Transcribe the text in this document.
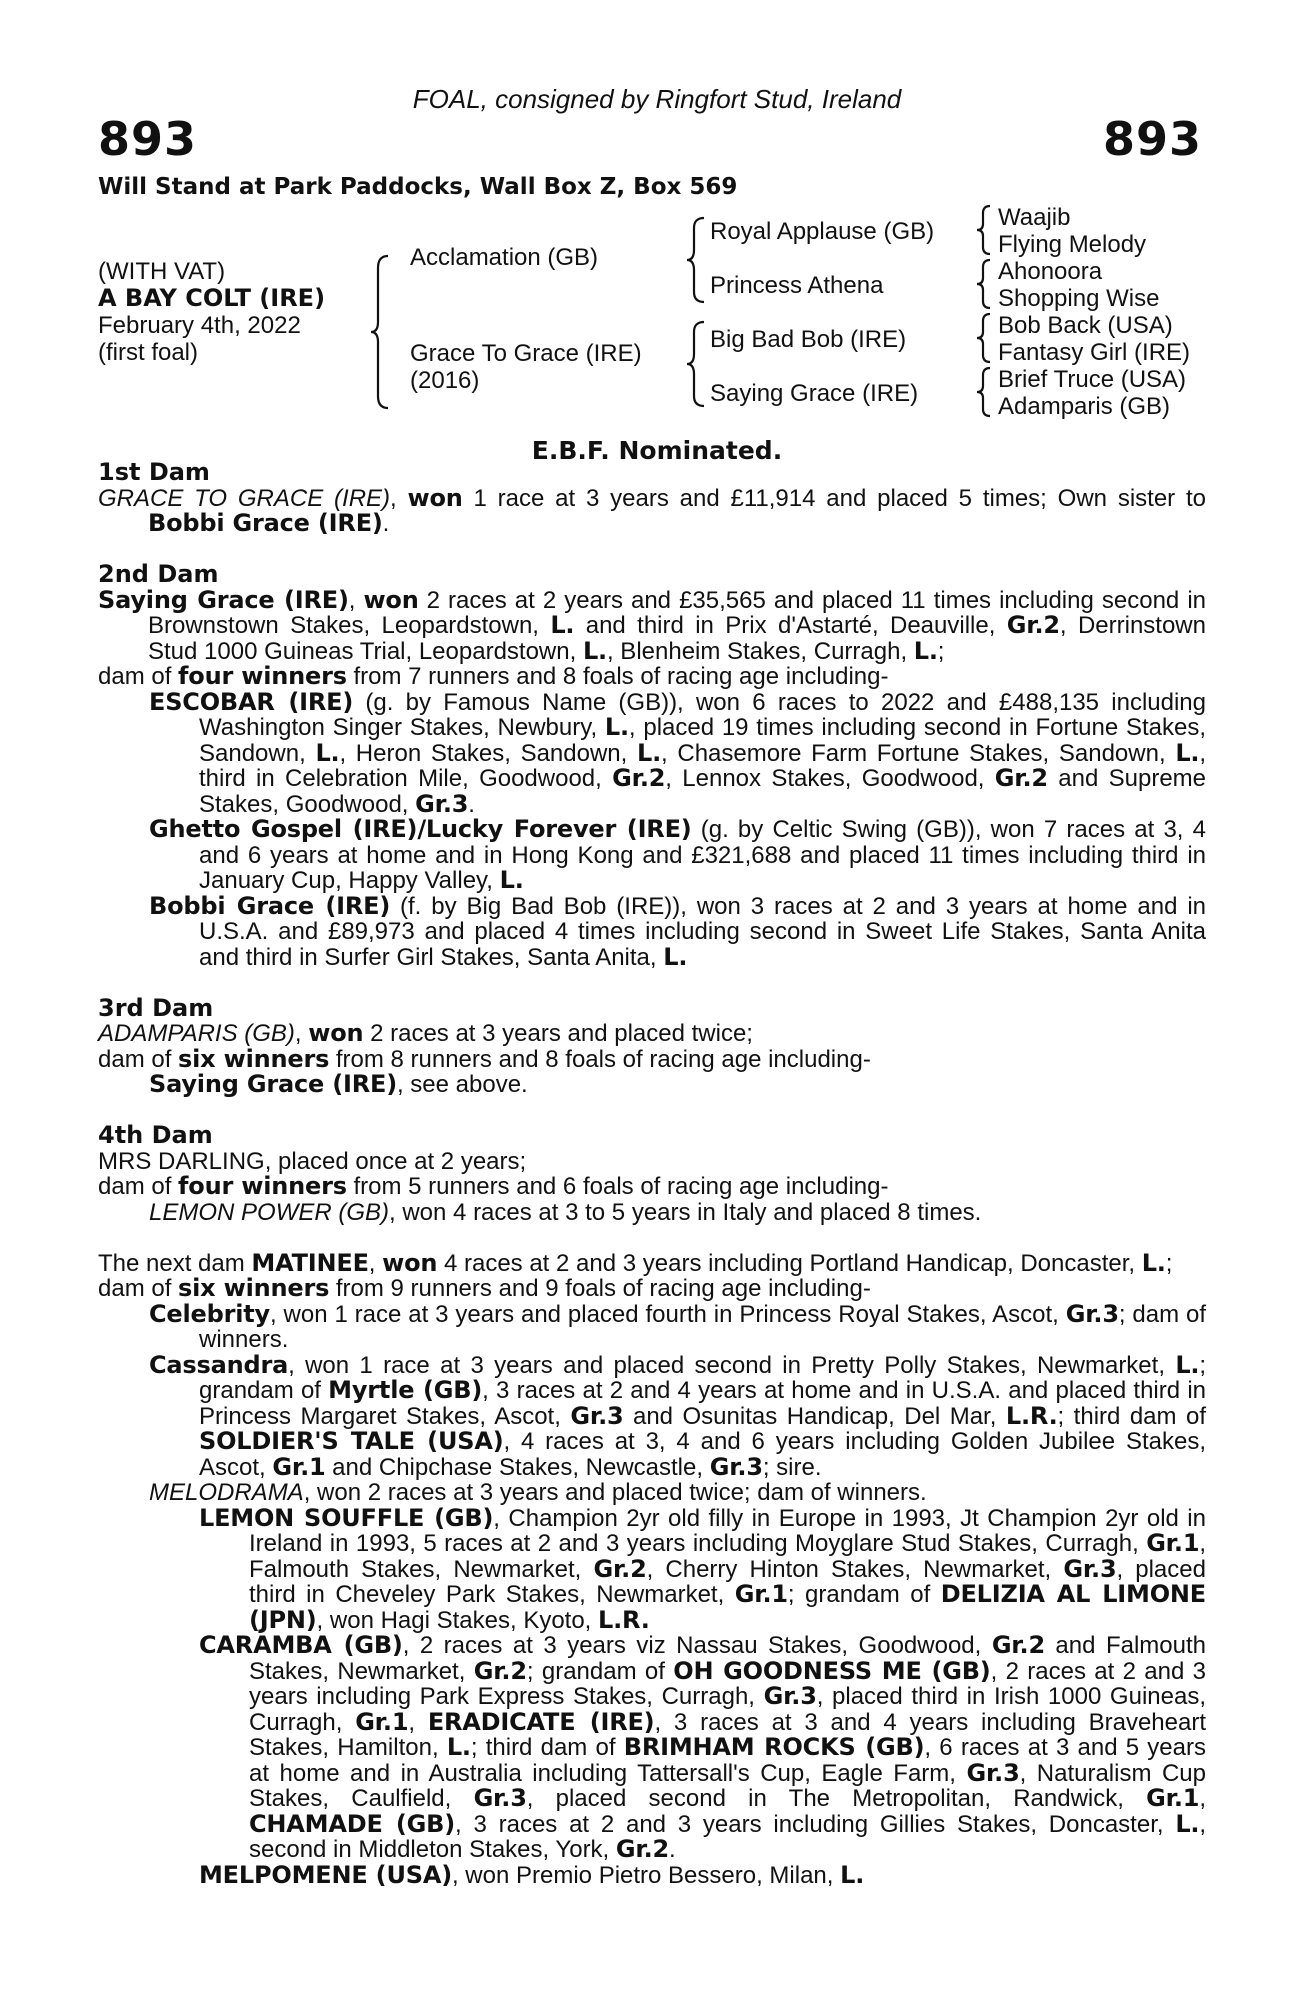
FOAL, consigned by Ringfort Stud, Ireland
893	893
Will Stand at Park Paddocks, Wall Box Z, Box 569
(WITH VAT)
A BAY COLT (IRE)
February 4th, 2022
(first foal)
Acclamation (GB)
Grace To Grace (IRE)
(2016)
Royal Applause (GB)
Princess Athena
Big Bad Bob (IRE)
Saying Grace (IRE)
Waajib
Flying Melody
Ahonoora
Shopping Wise
Bob Back (USA)
Fantasy Girl (IRE)
Brief Truce (USA)
Adamparis (GB)
E.B.F. Nominated.
1st Dam

GRACE TO GRACE (IRE), won 1 race at 3 years and £11,914 and placed 5 times; Own sister to Bobbi Grace (IRE).

2nd Dam

Saying Grace (IRE), won 2 races at 2 years and £35,565 and placed 11 times including second in Brownstown Stakes, Leopardstown, L. and third in Prix d'Astarté, Deauville, Gr.2, Derrinstown Stud 1000 Guineas Trial, Leopardstown, L., Blenheim Stakes, Curragh, L.;

dam of four winners from 7 runners and 8 foals of racing age including-

ESCOBAR (IRE) (g. by Famous Name (GB)), won 6 races to 2022 and £488,135 including Washington Singer Stakes, Newbury, L., placed 19 times including second in Fortune Stakes, Sandown, L., Heron Stakes, Sandown, L., Chasemore Farm Fortune Stakes, Sandown, L., third in Celebration Mile, Goodwood, Gr.2, Lennox Stakes, Goodwood, Gr.2 and Supreme Stakes, Goodwood, Gr.3.

Ghetto Gospel (IRE)/Lucky Forever (IRE) (g. by Celtic Swing (GB)), won 7 races at 3, 4 and 6 years at home and in Hong Kong and £321,688 and placed 11 times including third in January Cup, Happy Valley, L.

Bobbi Grace (IRE) (f. by Big Bad Bob (IRE)), won 3 races at 2 and 3 years at home and in U.S.A. and £89,973 and placed 4 times including second in Sweet Life Stakes, Santa Anita and third in Surfer Girl Stakes, Santa Anita, L.

3rd Dam

ADAMPARIS (GB), won 2 races at 3 years and placed twice;

dam of six winners from 8 runners and 8 foals of racing age including-

Saying Grace (IRE), see above.

4th Dam

MRS DARLING, placed once at 2 years;

dam of four winners from 5 runners and 6 foals of racing age including-

LEMON POWER (GB), won 4 races at 3 to 5 years in Italy and placed 8 times.

The next dam MATINEE, won 4 races at 2 and 3 years including Portland Handicap, Doncaster, L.;

dam of six winners from 9 runners and 9 foals of racing age including-

Celebrity, won 1 race at 3 years and placed fourth in Princess Royal Stakes, Ascot, Gr.3; dam of winners.

Cassandra, won 1 race at 3 years and placed second in Pretty Polly Stakes, Newmarket, L.; grandam of Myrtle (GB), 3 races at 2 and 4 years at home and in U.S.A. and placed third in Princess Margaret Stakes, Ascot, Gr.3 and Osunitas Handicap, Del Mar, L.R.; third dam of SOLDIER'S TALE (USA), 4 races at 3, 4 and 6 years including Golden Jubilee Stakes, Ascot, Gr.1 and Chipchase Stakes, Newcastle, Gr.3; sire.

MELODRAMA, won 2 races at 3 years and placed twice; dam of winners.

LEMON SOUFFLE (GB), Champion 2yr old filly in Europe in 1993, Jt Champion 2yr old in Ireland in 1993, 5 races at 2 and 3 years including Moyglare Stud Stakes, Curragh, Gr.1, Falmouth Stakes, Newmarket, Gr.2, Cherry Hinton Stakes, Newmarket, Gr.3, placed third in Cheveley Park Stakes, Newmarket, Gr.1; grandam of DELIZIA AL LIMONE (JPN), won Hagi Stakes, Kyoto, L.R.

CARAMBA (GB), 2 races at 3 years viz Nassau Stakes, Goodwood, Gr.2 and Falmouth Stakes, Newmarket, Gr.2; grandam of OH GOODNESS ME (GB), 2 races at 2 and 3 years including Park Express Stakes, Curragh, Gr.3, placed third in Irish 1000 Guineas, Curragh, Gr.1, ERADICATE (IRE), 3 races at 3 and 4 years including Braveheart Stakes, Hamilton, L.; third dam of BRIMHAM ROCKS (GB), 6 races at 3 and 5 years at home and in Australia including Tattersall's Cup, Eagle Farm, Gr.3, Naturalism Cup Stakes, Caulfield, Gr.3, placed second in The Metropolitan, Randwick, Gr.1, CHAMADE (GB), 3 races at 2 and 3 years including Gillies Stakes, Doncaster, L., second in Middleton Stakes, York, Gr.2.

MELPOMENE (USA), won Premio Pietro Bessero, Milan, L.
